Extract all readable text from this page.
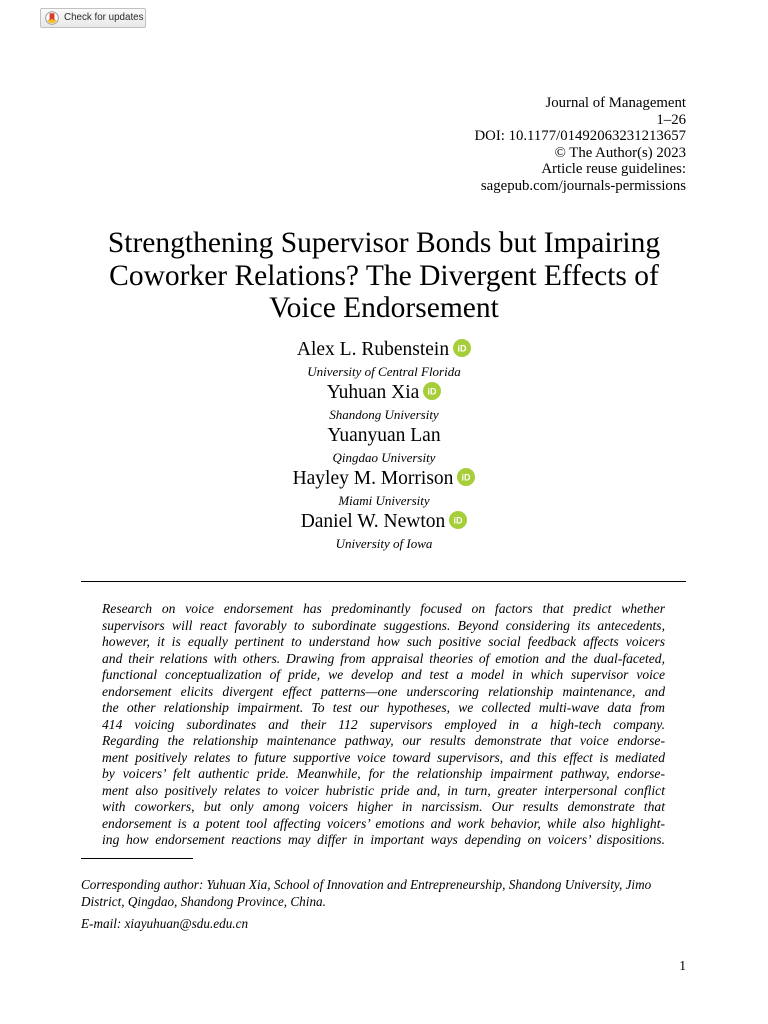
Check for updates
Journal of Management
1–26
DOI: 10.1177/01492063231213657
© The Author(s) 2023
Article reuse guidelines:
sagepub.com/journals-permissions
Strengthening Supervisor Bonds but Impairing
Coworker Relations? The Divergent Effects of
Voice Endorsement
Alex L. Rubenstein iD
University of Central Florida
Yuhuan Xia iD
Shandong University
Yuanyuan Lan
Qingdao University
Hayley M. Morrison iD
Miami University
Daniel W. Newton iD
University of Iowa
Research on voice endorsement has predominantly focused on factors that predict whether
supervisors will react favorably to subordinate suggestions. Beyond considering its antecedents,
however, it is equally pertinent to understand how such positive social feedback affects voicers
and their relations with others. Drawing from appraisal theories of emotion and the dual-faceted,
functional conceptualization of pride, we develop and test a model in which supervisor voice
endorsement elicits divergent effect patterns—one underscoring relationship maintenance, and
the other relationship impairment. To test our hypotheses, we collected multi-wave data from
414 voicing subordinates and their 112 supervisors employed in a high-tech company.
Regarding the relationship maintenance pathway, our results demonstrate that voice endorse-
ment positively relates to future supportive voice toward supervisors, and this effect is mediated
by voicers’ felt authentic pride. Meanwhile, for the relationship impairment pathway, endorse-
ment also positively relates to voicer hubristic pride and, in turn, greater interpersonal conflict
with coworkers, but only among voicers higher in narcissism. Our results demonstrate that
endorsement is a potent tool affecting voicers’ emotions and work behavior, while also highlight-
ing how endorsement reactions may differ in important ways depending on voicers’ dispositions.
Corresponding author: Yuhuan Xia, School of Innovation and Entrepreneurship, Shandong University, Jimo
District, Qingdao, Shandong Province, China.
E-mail: xiayuhuan@sdu.edu.cn
1
